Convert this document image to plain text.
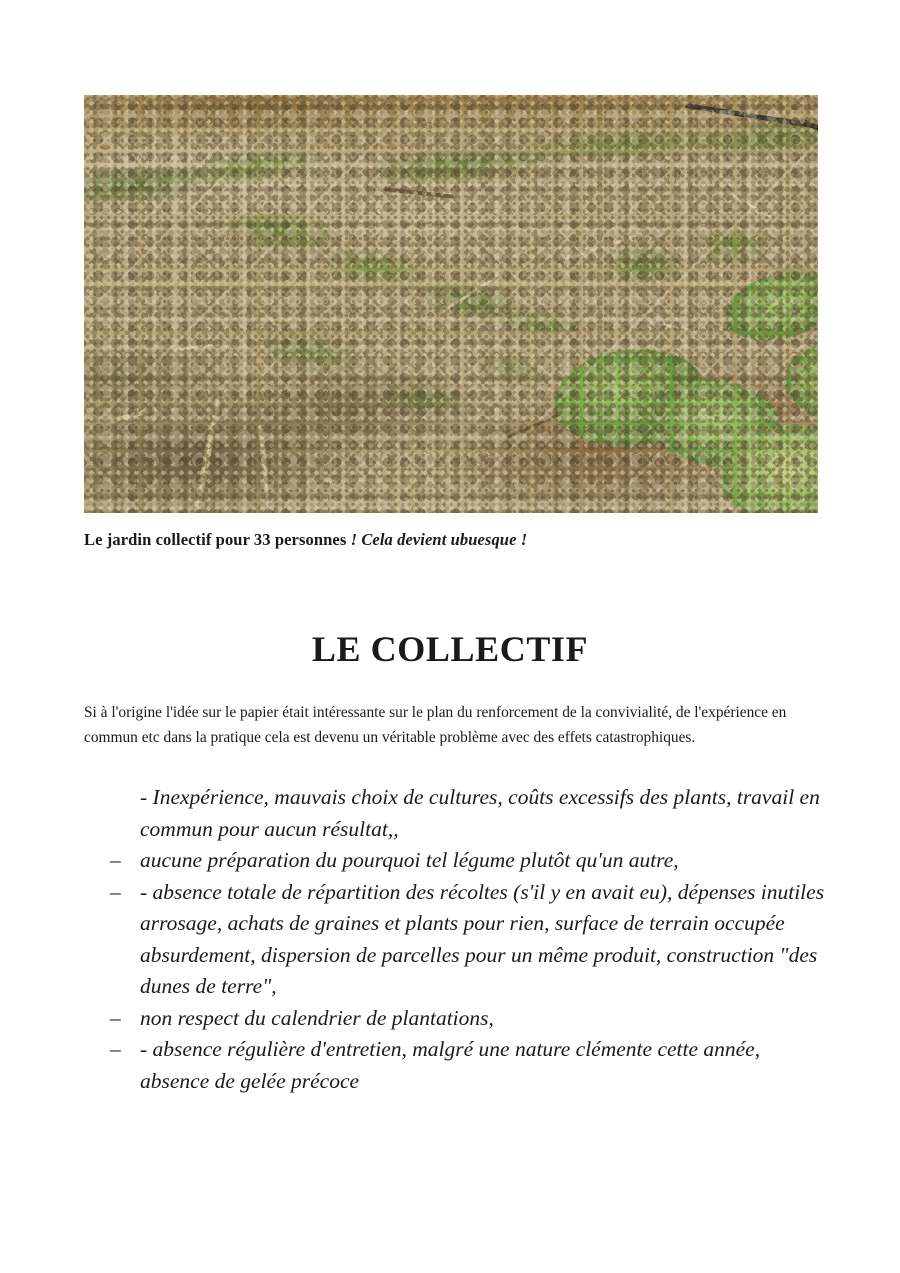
Le jardin collectif pour 33 personnes ! Cela devient ubuesque !
LE COLLECTIF

Si à l'origine l'idée sur le papier était intéressante sur le plan du renforcement de la convivialité, de l'expérience en commun etc dans la pratique cela est devenu un véritable problème avec des effets catastrophiques.

- Inexpérience, mauvais choix de cultures, coûts excessifs des plants, travail en commun pour aucun résultat,,
– aucune préparation du pourquoi tel légume plutôt qu'un autre,
– - absence totale de répartition des récoltes (s'il y en avait eu), dépenses inutiles arrosage, achats de graines et plants pour rien, surface de terrain occupée absurdement, dispersion de parcelles pour un même produit, construction "des dunes de terre",
– non respect du calendrier de plantations,
– - absence régulière d'entretien, malgré une nature clémente cette année, absence de gelée précoce
